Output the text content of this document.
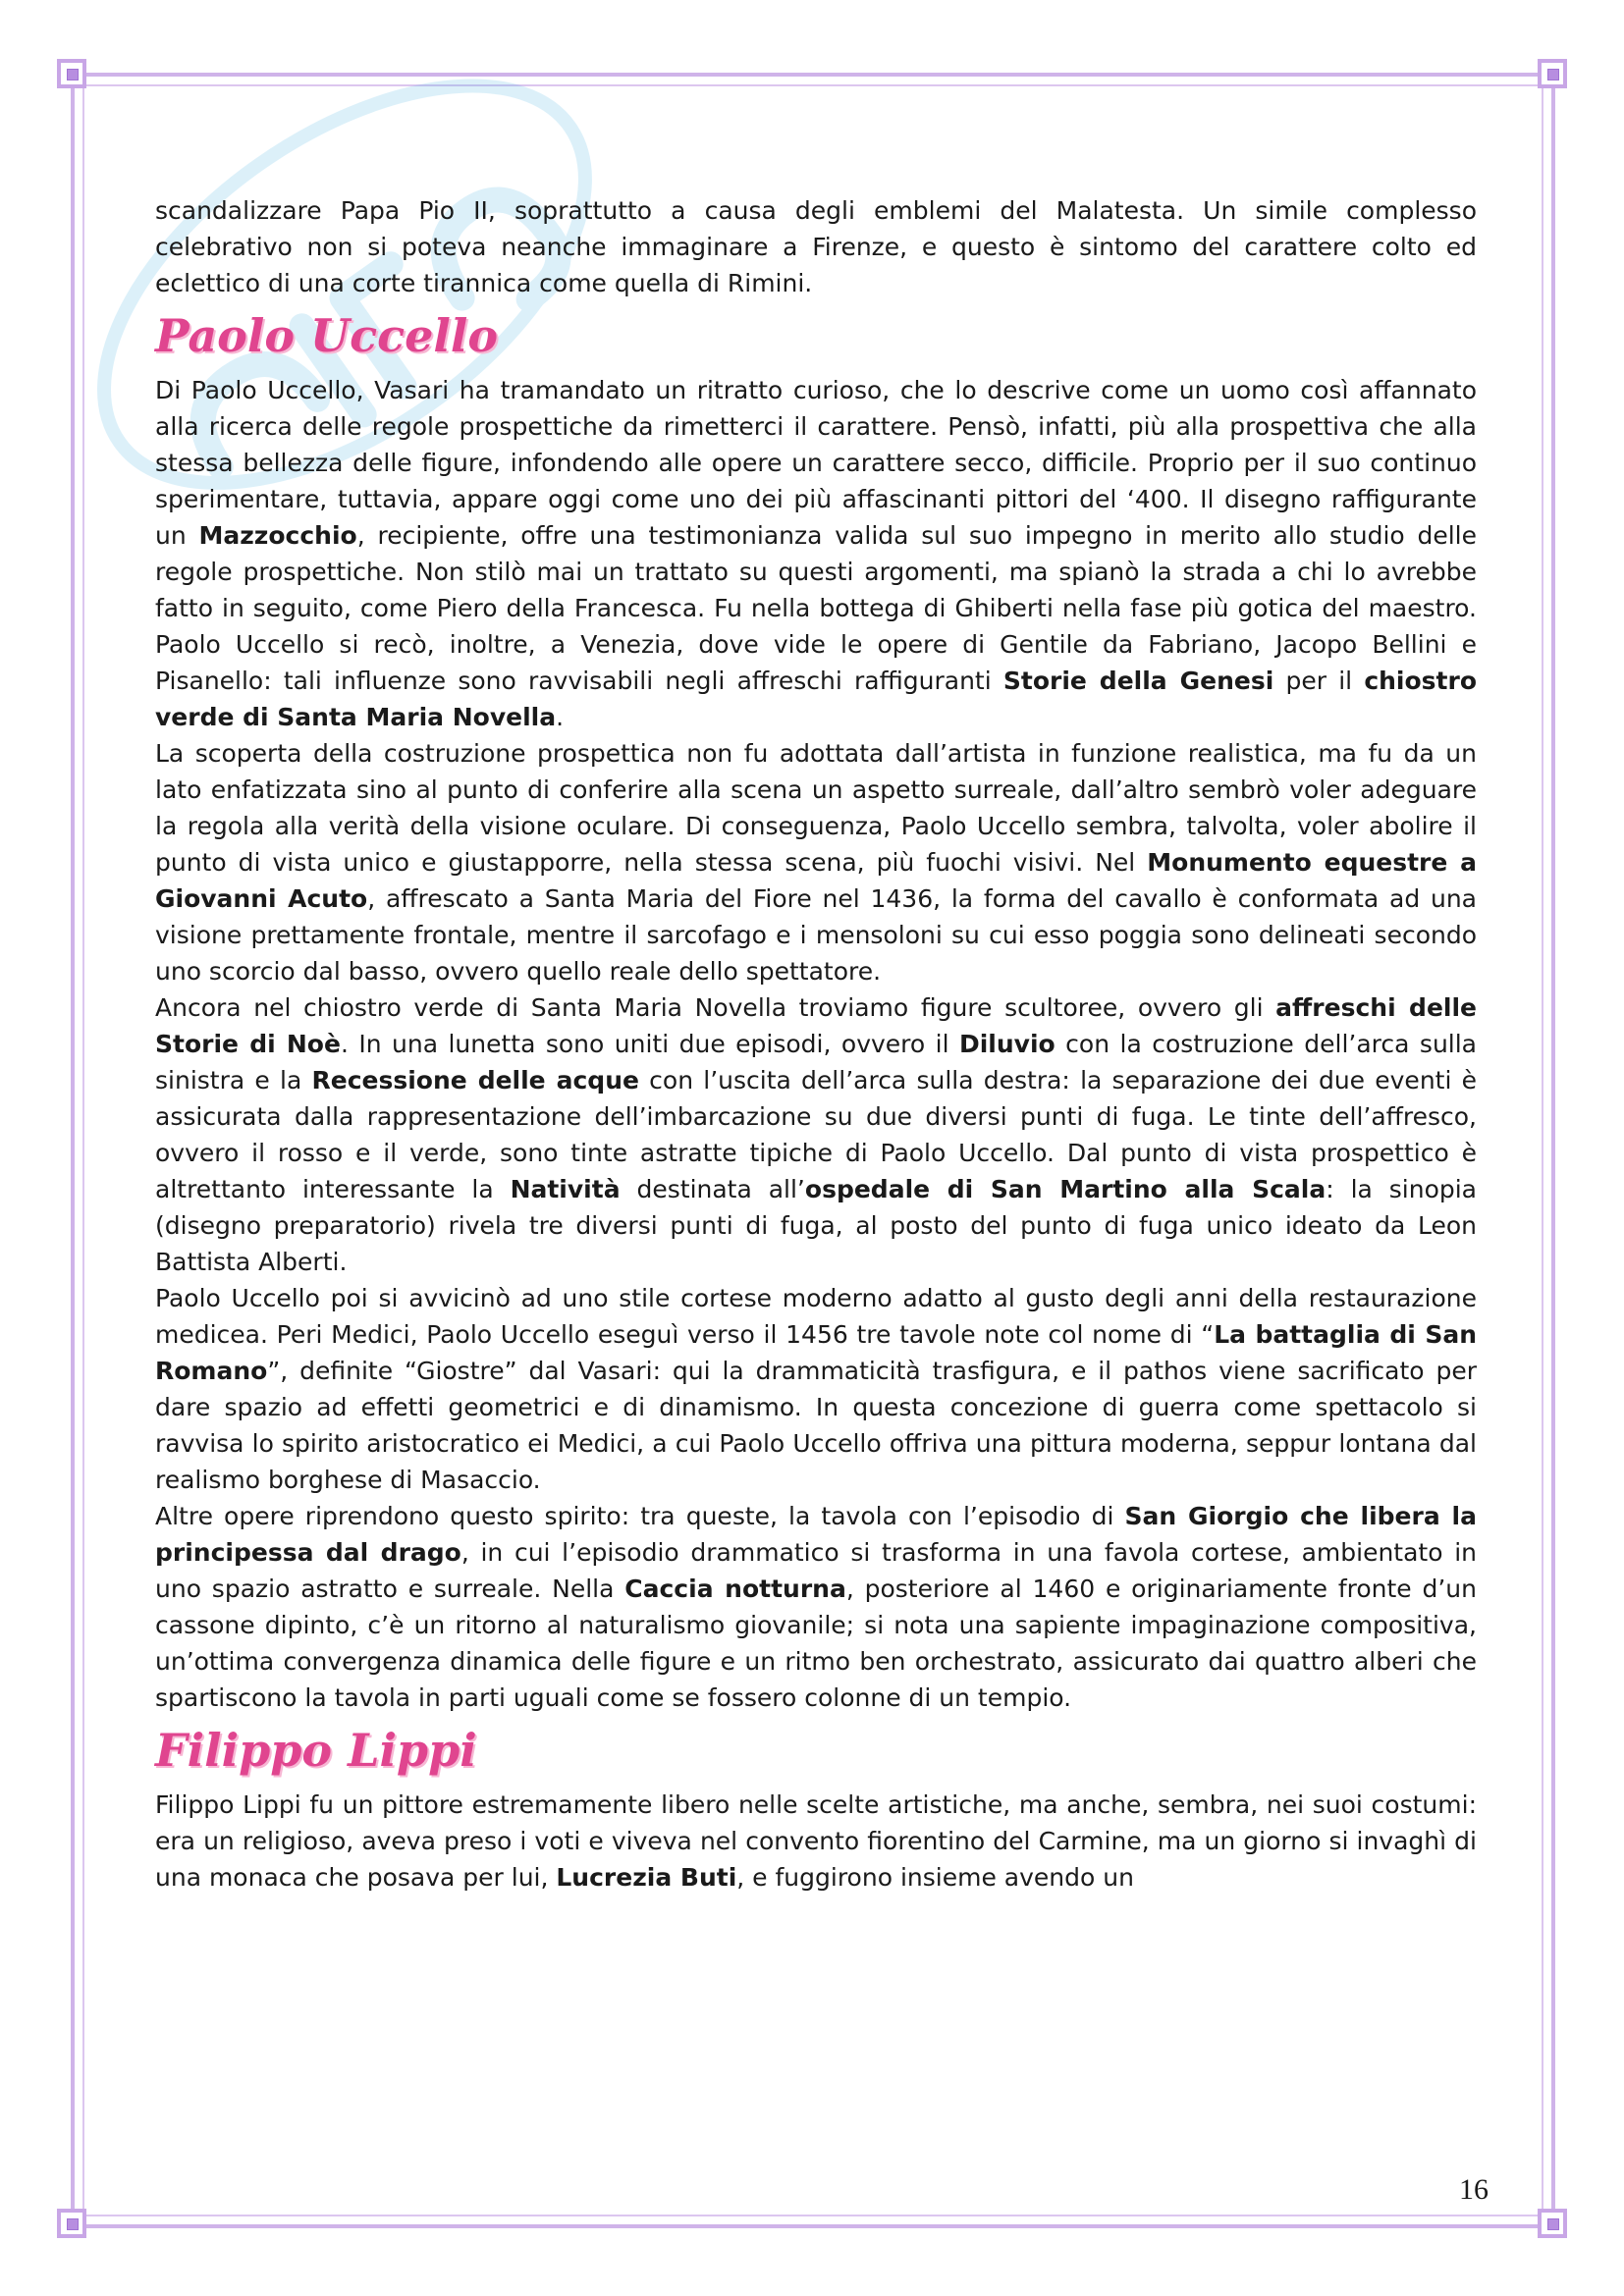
scandalizzare Papa Pio II, soprattutto a causa degli emblemi del Malatesta. Un simile complesso celebrativo non si poteva neanche immaginare a Firenze, e questo è sintomo del carattere colto ed eclettico di una corte tirannica come quella di Rimini.

Paolo Uccello

Di Paolo Uccello, Vasari ha tramandato un ritratto curioso, che lo descrive come un uomo così affannato alla ricerca delle regole prospettiche da rimetterci il carattere. Pensò, infatti, più alla prospettiva che alla stessa bellezza delle figure, infondendo alle opere un carattere secco, difficile. Proprio per il suo continuo sperimentare, tuttavia, appare oggi come uno dei più affascinanti pittori del ‘400. Il disegno raffigurante un Mazzocchio, recipiente, offre una testimonianza valida sul suo impegno in merito allo studio delle regole prospettiche. Non stilò mai un trattato su questi argomenti, ma spianò la strada a chi lo avrebbe fatto in seguito, come Piero della Francesca. Fu nella bottega di Ghiberti nella fase più gotica del maestro. Paolo Uccello si recò, inoltre, a Venezia, dove vide le opere di Gentile da Fabriano, Jacopo Bellini e Pisanello: tali influenze sono ravvisabili negli affreschi raffiguranti Storie della Genesi per il chiostro verde di Santa Maria Novella.

La scoperta della costruzione prospettica non fu adottata dall’artista in funzione realistica, ma fu da un lato enfatizzata sino al punto di conferire alla scena un aspetto surreale, dall’altro sembrò voler adeguare la regola alla verità della visione oculare. Di conseguenza, Paolo Uccello sembra, talvolta, voler abolire il punto di vista unico e giustapporre, nella stessa scena, più fuochi visivi. Nel Monumento equestre a Giovanni Acuto, affrescato a Santa Maria del Fiore nel 1436, la forma del cavallo è conformata ad una visione prettamente frontale, mentre il sarcofago e i mensoloni su cui esso poggia sono delineati secondo uno scorcio dal basso, ovvero quello reale dello spettatore.

Ancora nel chiostro verde di Santa Maria Novella troviamo figure scultoree, ovvero gli affreschi delle Storie di Noè. In una lunetta sono uniti due episodi, ovvero il Diluvio con la costruzione dell’arca sulla sinistra e la Recessione delle acque con l’uscita dell’arca sulla destra: la separazione dei due eventi è assicurata dalla rappresentazione dell’imbarcazione su due diversi punti di fuga. Le tinte dell’affresco, ovvero il rosso e il verde, sono tinte astratte tipiche di Paolo Uccello. Dal punto di vista prospettico è altrettanto interessante la Natività destinata all’ospedale di San Martino alla Scala: la sinopia (disegno preparatorio) rivela tre diversi punti di fuga, al posto del punto di fuga unico ideato da Leon Battista Alberti.

Paolo Uccello poi si avvicinò ad uno stile cortese moderno adatto al gusto degli anni della restaurazione medicea. Peri Medici, Paolo Uccello eseguì verso il 1456 tre tavole note col nome di “La battaglia di San Romano”, definite “Giostre” dal Vasari: qui la drammaticità trasfigura, e il pathos viene sacrificato per dare spazio ad effetti geometrici e di dinamismo. In questa concezione di guerra come spettacolo si ravvisa lo spirito aristocratico ei Medici, a cui Paolo Uccello offriva una pittura moderna, seppur lontana dal realismo borghese di Masaccio.

Altre opere riprendono questo spirito: tra queste, la tavola con l’episodio di San Giorgio che libera la principessa dal drago, in cui l’episodio drammatico si trasforma in una favola cortese, ambientato in uno spazio astratto e surreale. Nella Caccia notturna, posteriore al 1460 e originariamente fronte d’un cassone dipinto, c’è un ritorno al naturalismo giovanile; si nota una sapiente impaginazione compositiva, un’ottima convergenza dinamica delle figure e un ritmo ben orchestrato, assicurato dai quattro alberi che spartiscono la tavola in parti uguali come se fossero colonne di un tempio.

Filippo Lippi

Filippo Lippi fu un pittore estremamente libero nelle scelte artistiche, ma anche, sembra, nei suoi costumi: era un religioso, aveva preso i voti e viveva nel convento fiorentino del Carmine, ma un giorno si invaghì di una monaca che posava per lui, Lucrezia Buti, e fuggirono insieme avendo un

16
